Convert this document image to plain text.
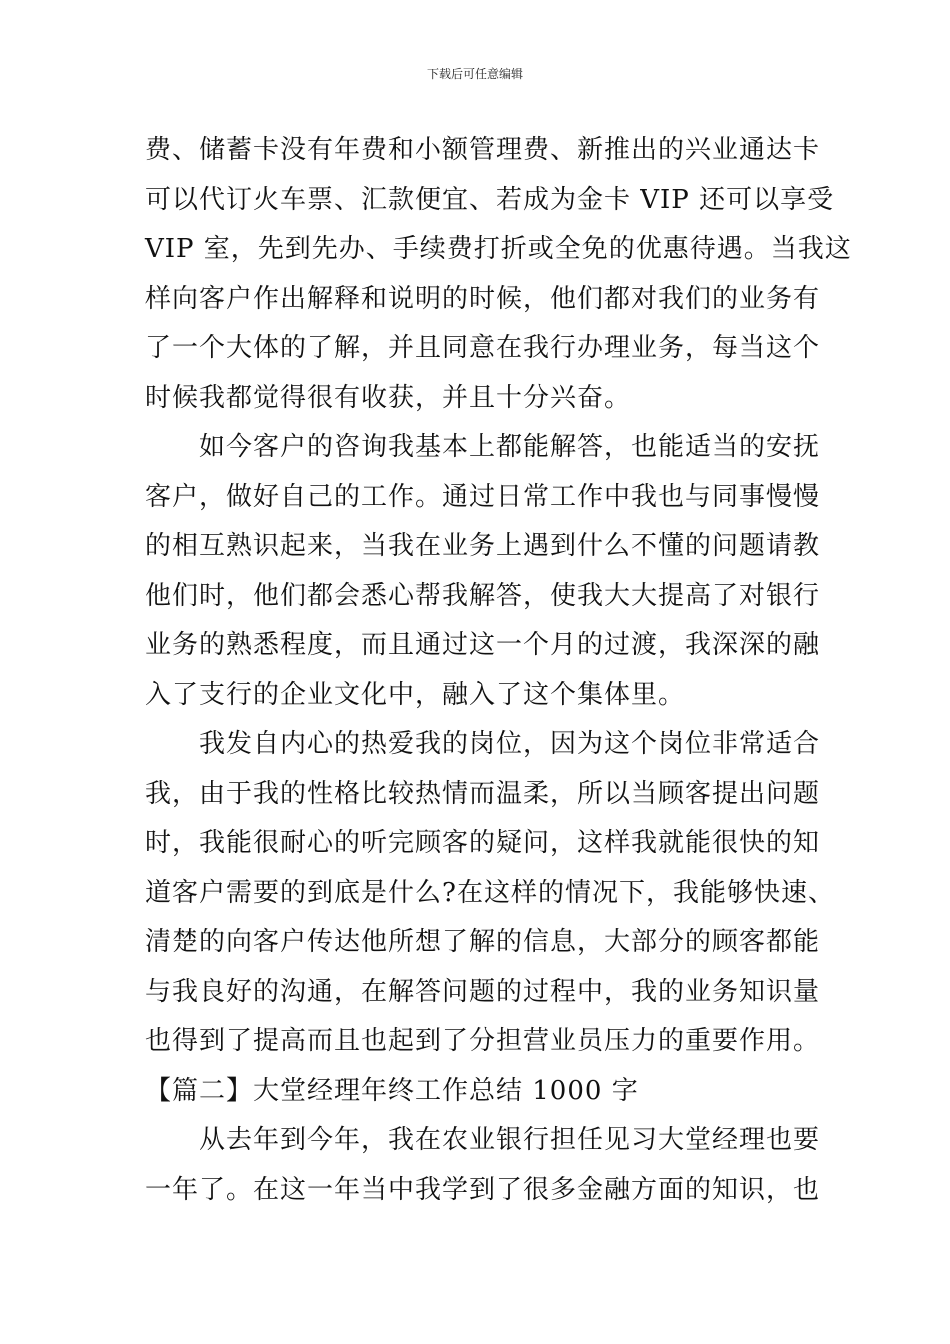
下载后可任意编辑
费、储蓄卡没有年费和小额管理费、新推出的兴业通达卡
可以代订火车票、汇款便宜、若成为金卡 VIP 还可以享受
VIP 室，先到先办、手续费打折或全免的优惠待遇。当我这
样向客户作出解释和说明的时候，他们都对我们的业务有
了一个大体的了解，并且同意在我行办理业务，每当这个
时候我都觉得很有收获，并且十分兴奋。
如今客户的咨询我基本上都能解答，也能适当的安抚
客户，做好自己的工作。通过日常工作中我也与同事慢慢
的相互熟识起来，当我在业务上遇到什么不懂的问题请教
他们时，他们都会悉心帮我解答，使我大大提高了对银行
业务的熟悉程度，而且通过这一个月的过渡，我深深的融
入了支行的企业文化中，融入了这个集体里。
我发自内心的热爱我的岗位，因为这个岗位非常适合
我，由于我的性格比较热情而温柔，所以当顾客提出问题
时，我能很耐心的听完顾客的疑问，这样我就能很快的知
道客户需要的到底是什么?在这样的情况下，我能够快速、
清楚的向客户传达他所想了解的信息，大部分的顾客都能
与我良好的沟通，在解答问题的过程中，我的业务知识量
也得到了提高而且也起到了分担营业员压力的重要作用。
【篇二】大堂经理年终工作总结 1000 字
从去年到今年，我在农业银行担任见习大堂经理也要
一年了。在这一年当中我学到了很多金融方面的知识，也
